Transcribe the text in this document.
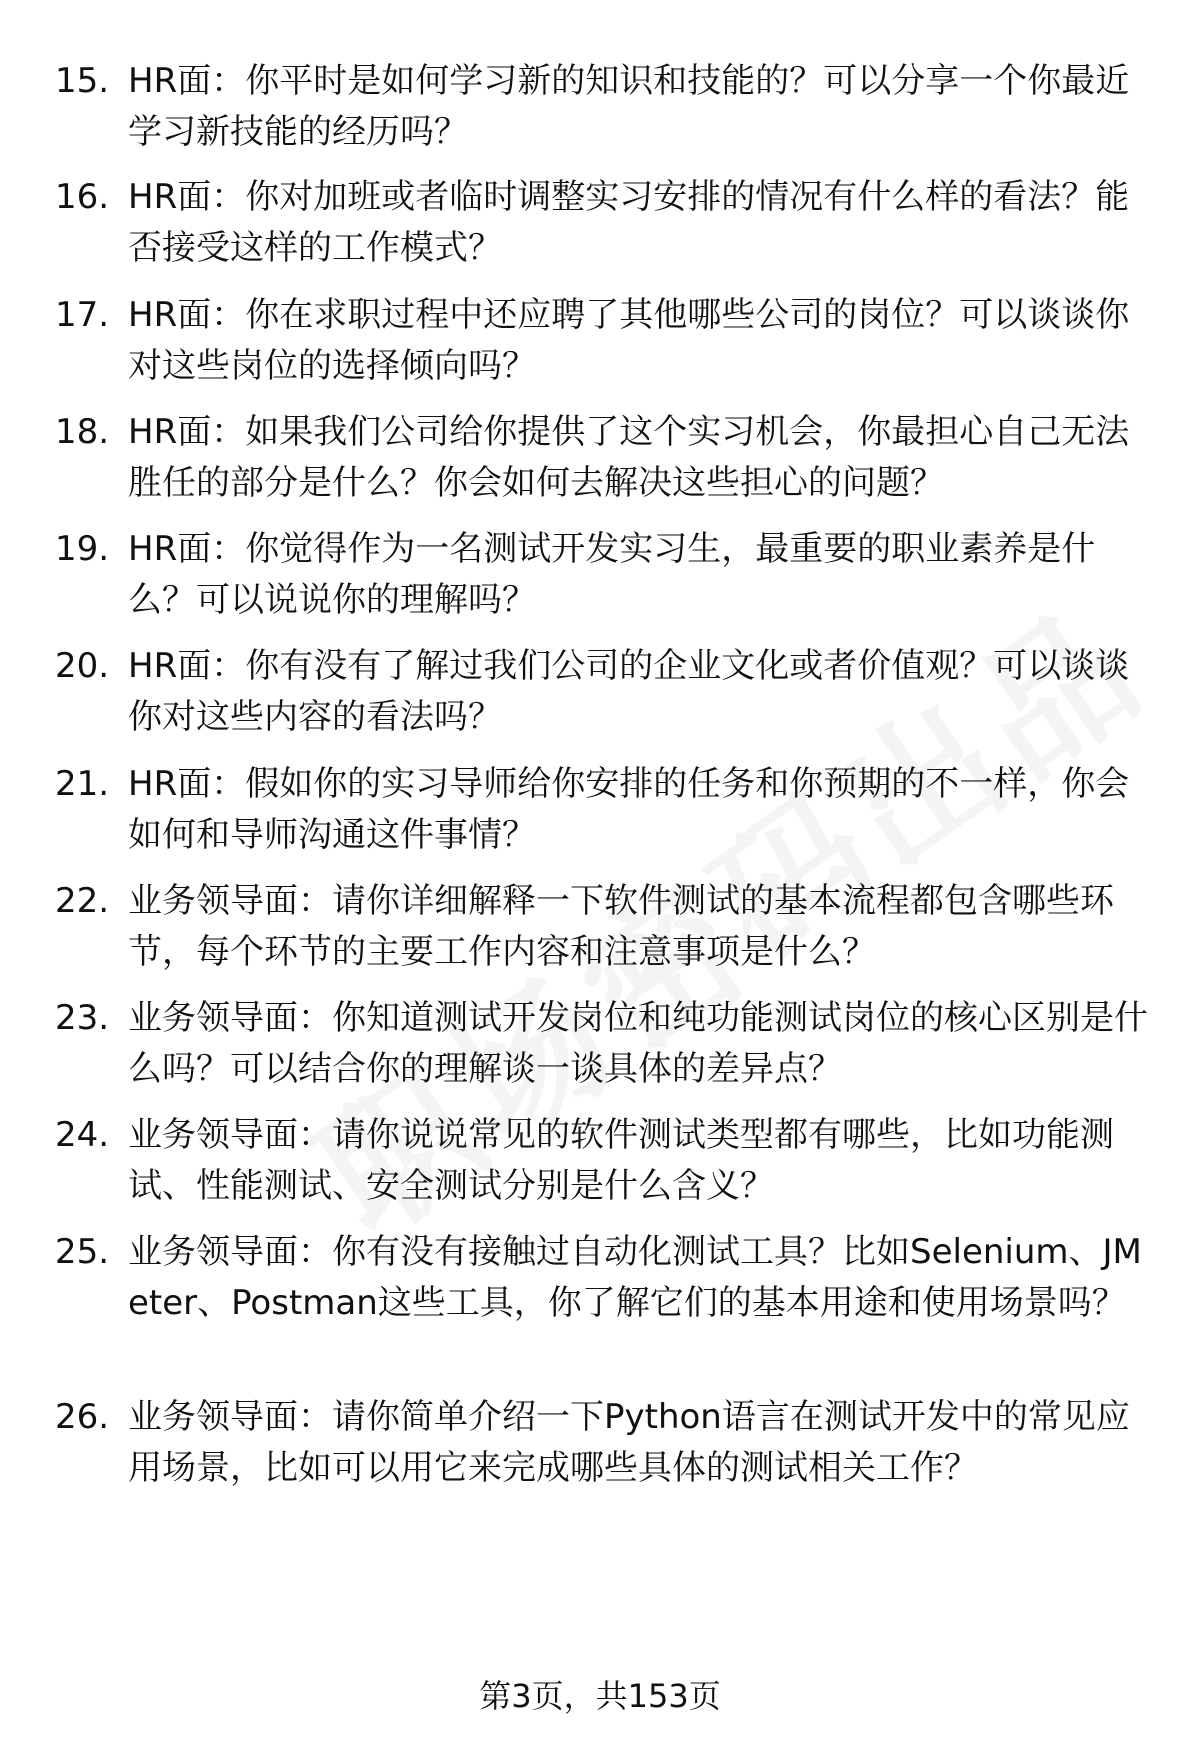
15. HR面：你平时是如何学习新的知识和技能的？可以分享一个你最近学习新技能的经历吗？
16. HR面：你对加班或者临时调整实习安排的情况有什么样的看法？能否接受这样的工作模式？
17. HR面：你在求职过程中还应聘了其他哪些公司的岗位？可以谈谈你对这些岗位的选择倾向吗？
18. HR面：如果我们公司给你提供了这个实习机会，你最担心自己无法胜任的部分是什么？你会如何去解决这些担心的问题？
19. HR面：你觉得作为一名测试开发实习生，最重要的职业素养是什么？可以说说你的理解吗？
20. HR面：你有没有了解过我们公司的企业文化或者价值观？可以谈谈你对这些内容的看法吗？
21. HR面：假如你的实习导师给你安排的任务和你预期的不一样，你会如何和导师沟通这件事情？
22. 业务领导面：请你详细解释一下软件测试的基本流程都包含哪些环节，每个环节的主要工作内容和注意事项是什么？
23. 业务领导面：你知道测试开发岗位和纯功能测试岗位的核心区别是什么吗？可以结合你的理解谈一谈具体的差异点？
24. 业务领导面：请你说说常见的软件测试类型都有哪些，比如功能测试、性能测试、安全测试分别是什么含义？
25. 业务领导面：你有没有接触过自动化测试工具？比如Selenium、JMeter、Postman这些工具，你了解它们的基本用途和使用场景吗？
26. 业务领导面：请你简单介绍一下Python语言在测试开发中的常见应用场景，比如可以用它来完成哪些具体的测试相关工作？
第3页，共153页
